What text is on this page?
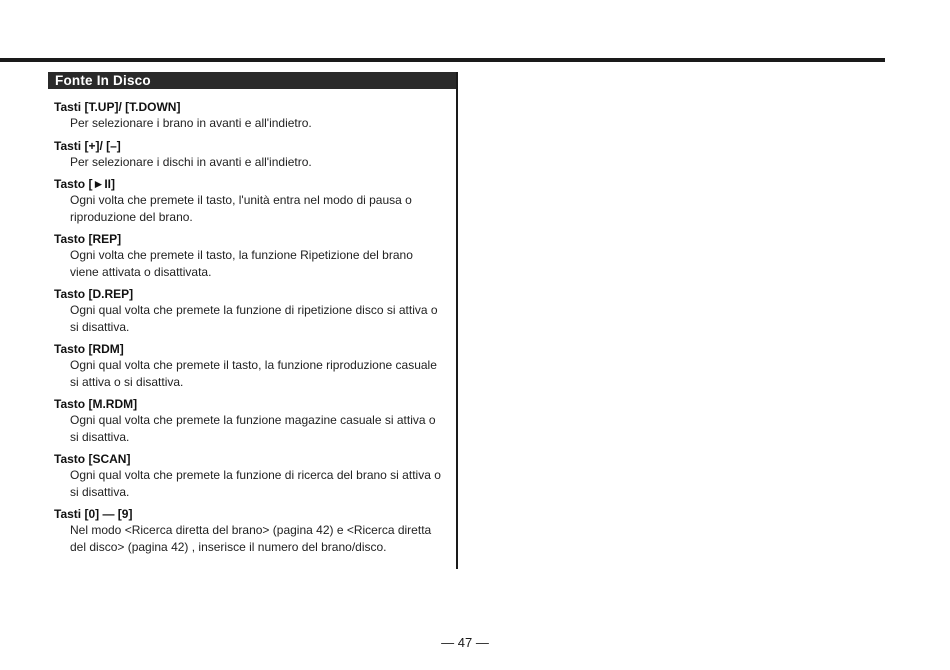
Fonte In Disco
Tasti [T.UP]/ [T.DOWN]
Per selezionare i brano in avanti e all'indietro.
Tasti [+]/ [–]
Per selezionare i dischi in avanti e all'indietro.
Tasto [►II]
Ogni volta che premete il tasto, l'unità entra nel modo di pausa o riproduzione del brano.
Tasto [REP]
Ogni volta che premete il tasto, la funzione Ripetizione del brano viene attivata o disattivata.
Tasto [D.REP]
Ogni qual volta che premete la funzione di ripetizione disco si attiva o si disattiva.
Tasto [RDM]
Ogni qual volta che premete il tasto, la funzione riproduzione casuale si attiva o si disattiva.
Tasto [M.RDM]
Ogni qual volta che premete la funzione magazine casuale si attiva o si disattiva.
Tasto [SCAN]
Ogni qual volta che premete la funzione di ricerca del brano si attiva o si disattiva.
Tasti [0] — [9]
Nel modo <Ricerca diretta del brano> (pagina 42) e <Ricerca diretta del disco> (pagina 42) , inserisce il numero del brano/disco.
— 47 —
